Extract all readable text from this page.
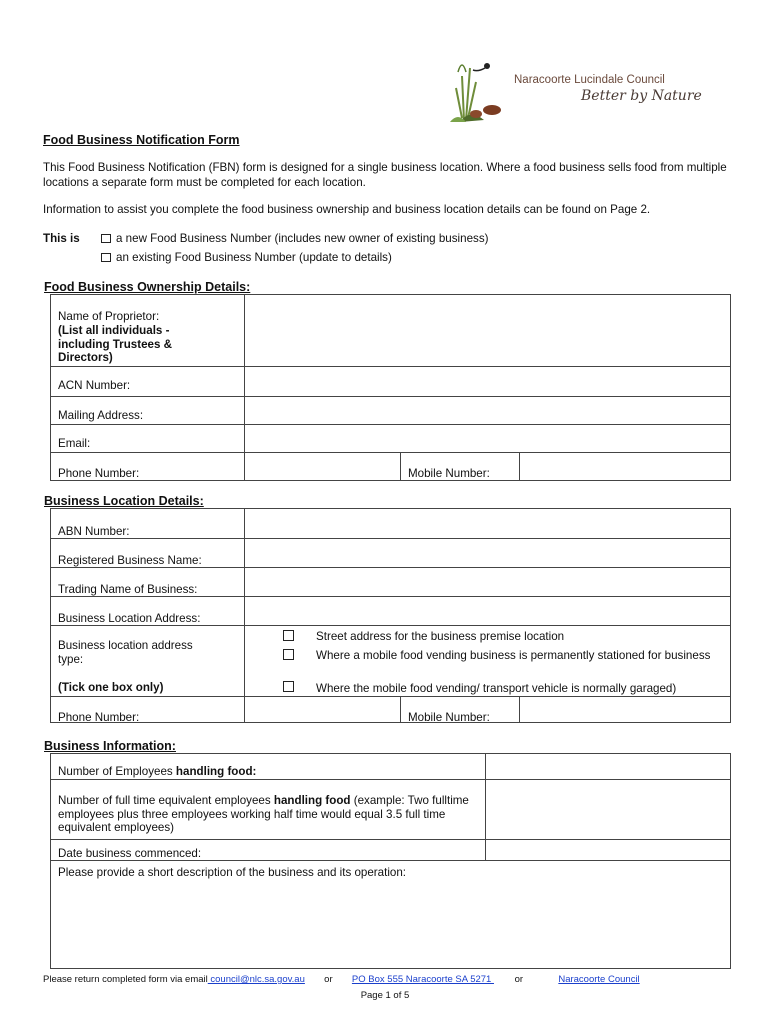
Naracoorte Lucindale Council
Better by Nature
Food Business Notification Form
This Food Business Notification (FBN) form is designed for a single business location. Where a food business sells food from multiple locations a separate form must be completed for each location.
Information to assist you complete the food business ownership and business location details can be found on Page 2.
This is	a new Food Business Number (includes new owner of existing business)
an existing Food Business Number (update to details)
Food Business Ownership Details:
Name of Proprietor:
(List all individuals - including Trustees & Directors)
ACN Number:
Mailing Address:
Email:
Phone Number:	Mobile Number:
Business Location Details:
ABN Number:
Registered Business Name:
Trading Name of Business:
Business Location Address:
Business location address type:
(Tick one box only)
Street address for the business premise location
Where a mobile food vending business is permanently stationed for business
Where the mobile food vending/ transport vehicle is normally garaged)
Phone Number:	Mobile Number:
Business Information:
Number of Employees handling food:
Number of full time equivalent employees handling food (example: Two fulltime employees plus three employees working half time would equal 3.5 full time equivalent employees)
Date business commenced:
Please provide a short description of the business and its operation:
Please return completed form via email council@nlc.sa.gov.au or  PO Box 555 Naracoorte SA 5271  or	Naracoorte Council
Page 1 of 5
